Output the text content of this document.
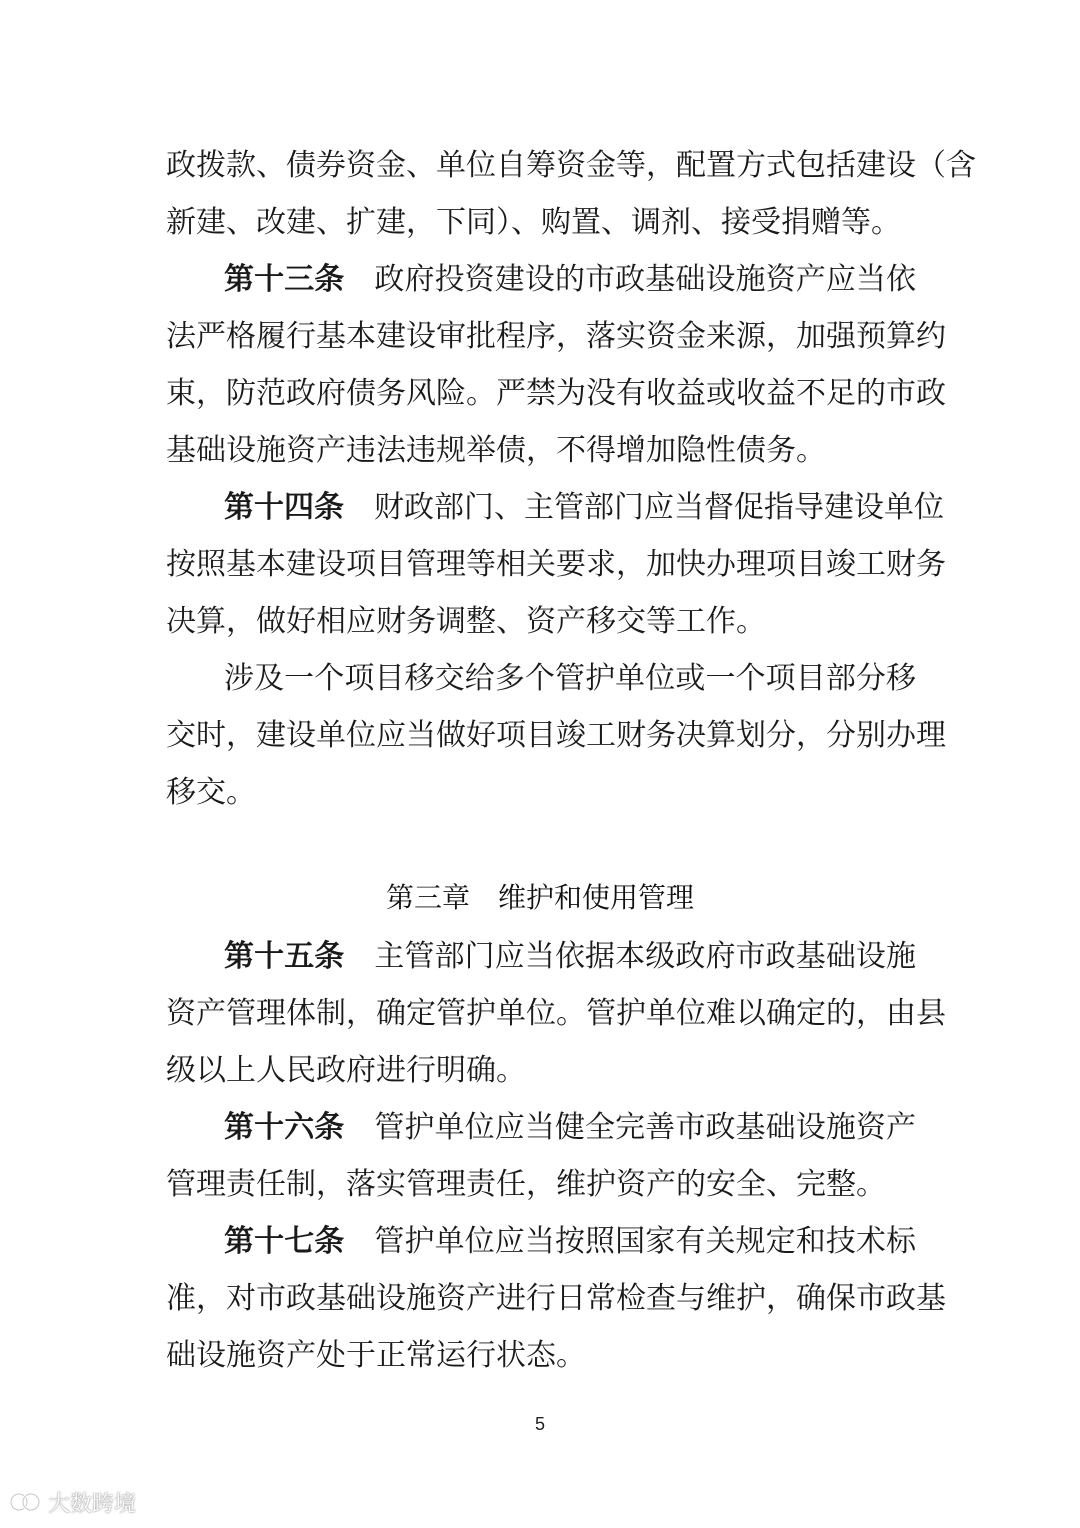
政拨款、债券资金、单位自筹资金等，配置方式包括建设（含
新建、改建、扩建，下同）、购置、调剂、接受捐赠等。
第十三条 政府投资建设的市政基础设施资产应当依
法严格履行基本建设审批程序，落实资金来源，加强预算约
束，防范政府债务风险。严禁为没有收益或收益不足的市政
基础设施资产违法违规举债，不得增加隐性债务。
第十四条 财政部门、主管部门应当督促指导建设单位
按照基本建设项目管理等相关要求，加快办理项目竣工财务
决算，做好相应财务调整、资产移交等工作。
涉及一个项目移交给多个管护单位或一个项目部分移
交时，建设单位应当做好项目竣工财务决算划分，分别办理
移交。
第三章　维护和使用管理
第十五条 主管部门应当依据本级政府市政基础设施
资产管理体制，确定管护单位。管护单位难以确定的，由县
级以上人民政府进行明确。
第十六条 管护单位应当健全完善市政基础设施资产
管理责任制，落实管理责任，维护资产的安全、完整。
第十七条 管护单位应当按照国家有关规定和技术标
准，对市政基础设施资产进行日常检查与维护，确保市政基
础设施资产处于正常运行状态。
5
大数跨境
